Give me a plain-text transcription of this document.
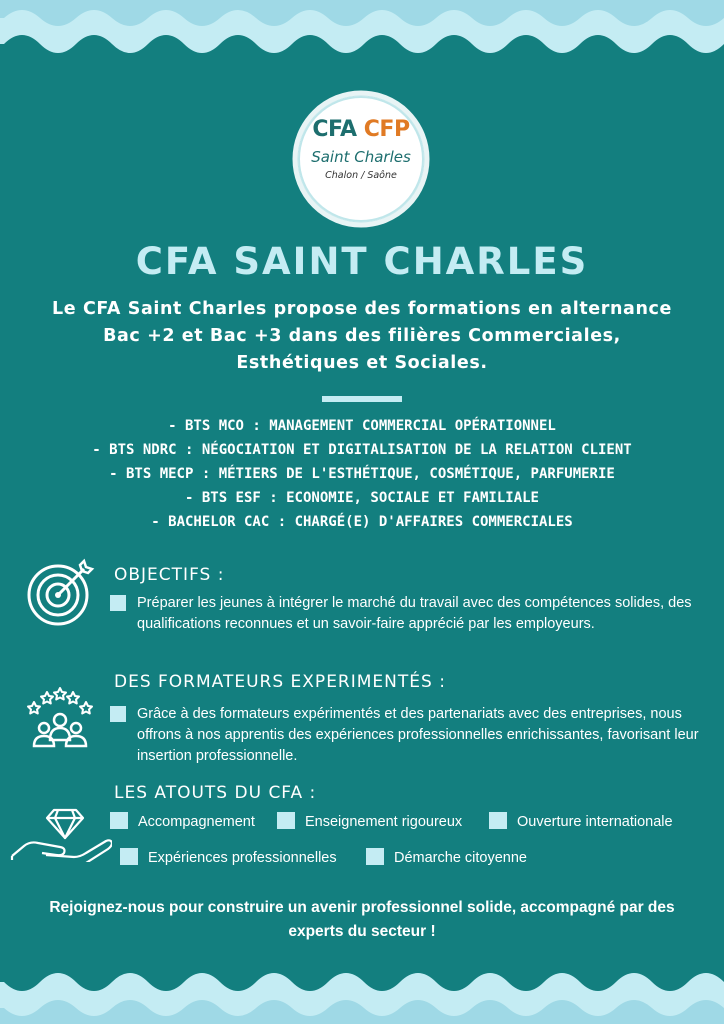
CFA CFP
Saint Charles
Chalon / Saône
CFA SAINT CHARLES
Le CFA Saint Charles propose des formations en alternance Bac +2 et Bac +3 dans des filières Commerciales, Esthétiques et Sociales.
- BTS MCO : MANAGEMENT COMMERCIAL OPÉRATIONNEL
- BTS NDRC : NÉGOCIATION ET DIGITALISATION DE LA RELATION CLIENT
- BTS MECP : MÉTIERS DE L'ESTHÉTIQUE, COSMÉTIQUE, PARFUMERIE
- BTS ESF : ECONOMIE, SOCIALE ET FAMILIALE
- BACHELOR CAC : CHARGÉ(E) D'AFFAIRES COMMERCIALES
OBJECTIFS :
Préparer les jeunes à intégrer le marché du travail avec des compétences solides, des qualifications reconnues et un savoir-faire apprécié par les employeurs.
DES FORMATEURS EXPERIMENTÉS :
Grâce à des formateurs expérimentés et des partenariats avec des entreprises, nous offrons à nos apprentis des expériences professionnelles enrichissantes, favorisant leur insertion professionnelle.
LES ATOUTS DU CFA :
Accompagnement	Enseignement rigoureux	Ouverture internationale
Expériences professionnelles	Démarche citoyenne
Rejoignez-nous pour construire un avenir professionnel solide, accompagné par des experts du secteur !
